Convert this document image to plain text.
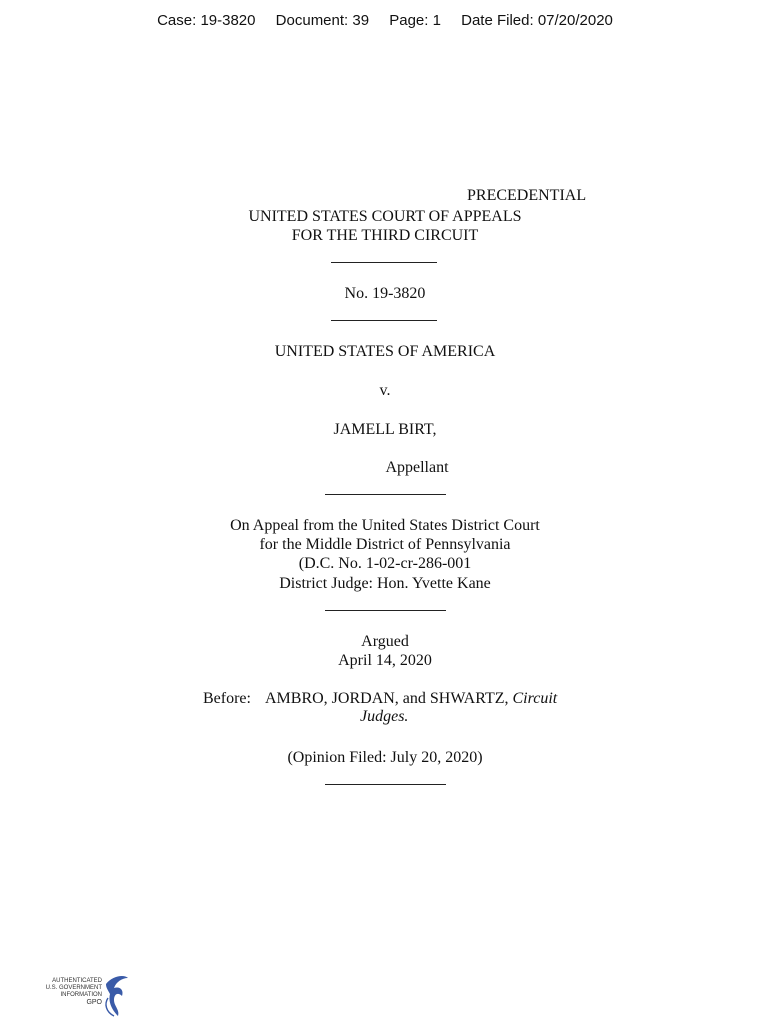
Case: 19-3820 Document: 39 Page: 1 Date Filed: 07/20/2020
PRECEDENTIAL
UNITED STATES COURT OF APPEALS
FOR THE THIRD CIRCUIT
No. 19-3820
UNITED STATES OF AMERICA
v.
JAMELL BIRT,
Appellant
On Appeal from the United States District Court
for the Middle District of Pennsylvania
(D.C. No. 1-02-cr-286-001
District Judge: Hon. Yvette Kane
Argued
April 14, 2020
Before: AMBRO, JORDAN, and SHWARTZ, Circuit
Judges.
(Opinion Filed: July 20, 2020)
AUTHENTICATED
U.S. GOVERNMENT
INFORMATION
GPO
